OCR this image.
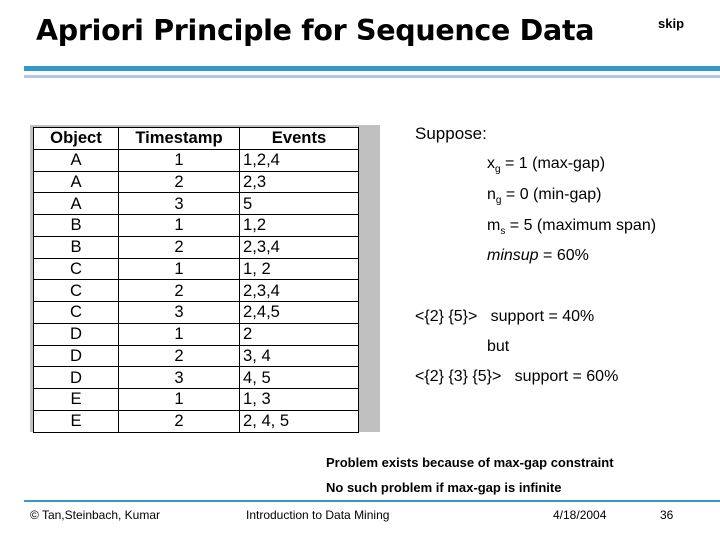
Apriori Principle for Sequence Data	skip
Object	Timestamp	Events
A	1	1,2,4
A	2	2,3
A	3	5
B	1	1,2
B	2	2,3,4
C	1	1, 2
C	2	2,3,4
C	3	2,4,5
D	1	2
D	2	3, 4
D	3	4, 5
E	1	1, 3
E	2	2, 4, 5
Suppose:
$x_g = 1$ (max-gap)
$n_g = 0$ (min-gap)
$m_s = 5$ (maximum span)
minsup = 60%
<{2} {5}>   support = 40%
but
<{2} {3} {5}>   support = 60%
Problem exists because of max-gap constraint
No such problem if max-gap is infinite
© Tan,Steinbach, Kumar	Introduction to Data Mining	4/18/2004	36
